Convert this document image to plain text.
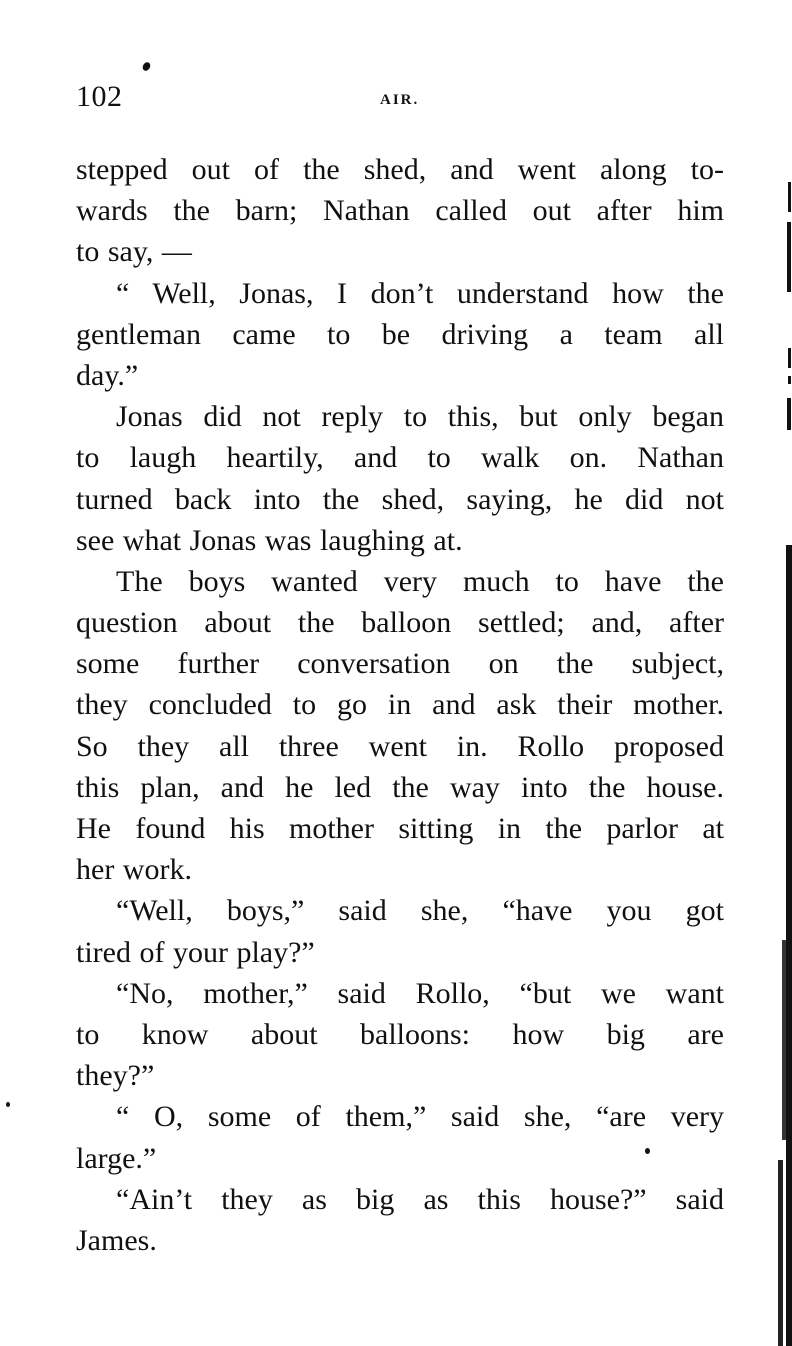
102	AIR.
stepped out of the shed, and went along to-
wards the barn; Nathan called out after him
to say, —
“ Well, Jonas, I don’t understand how the
gentleman came to be driving a team all
day.”
Jonas did not reply to this, but only began
to laugh heartily, and to walk on. Nathan
turned back into the shed, saying, he did not
see what Jonas was laughing at.
The boys wanted very much to have the
question about the balloon settled; and, after
some further conversation on the subject,
they concluded to go in and ask their mother.
So they all three went in. Rollo proposed
this plan, and he led the way into the house.
He found his mother sitting in the parlor at
her work.
“Well, boys,” said she, “have you got
tired of your play?”
“No, mother,” said Rollo, “but we want
to know about balloons: how big are
they?”
“ O, some of them,” said she, “are very
large.”
“Ain’t they as big as this house?” said
James.
